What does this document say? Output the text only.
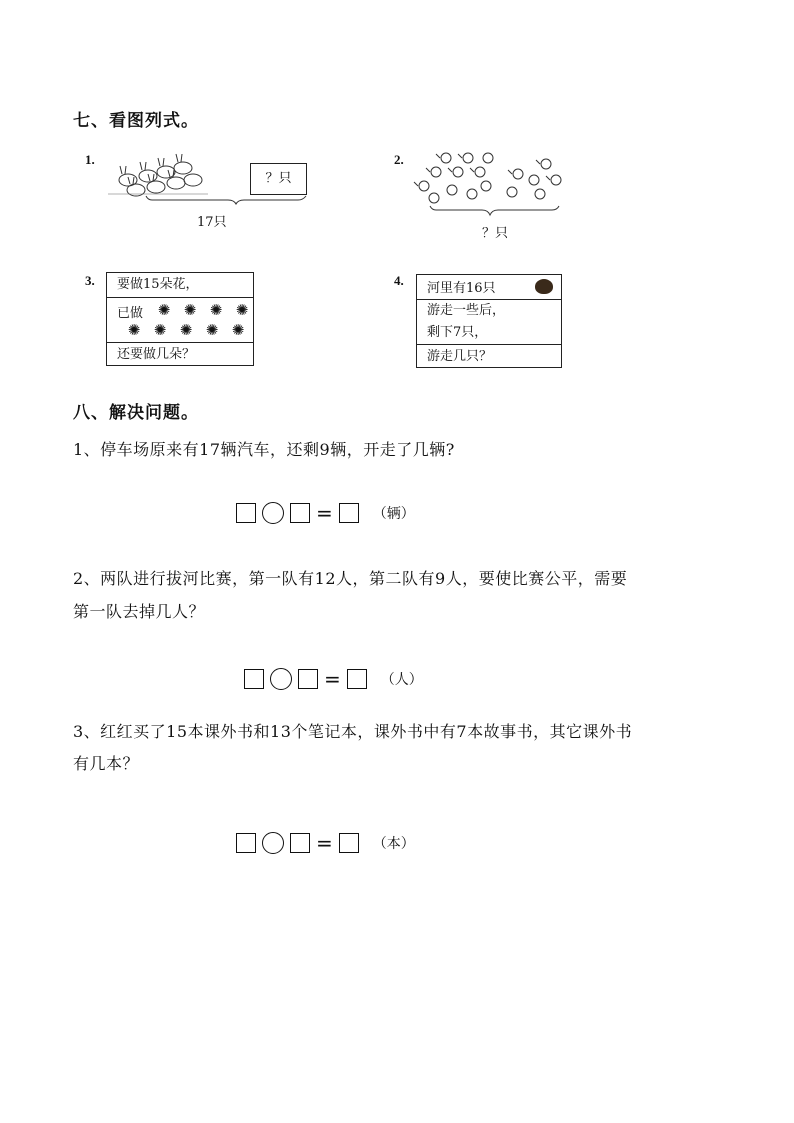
七、看图列式。
1.
？只
17只
2.
？只
3.	要做15朵花，
已做 ✺ ✺ ✺ ✺
✺ ✺ ✺ ✺ ✺
还要做几朵？
4.
河里有16只
游走一些后，
剩下7只，
游走几只？
八、解决问题。
1、停车场原来有17辆汽车，还剩9辆，开走了几辆?
=	（辆）
2、两队进行拔河比赛，第一队有12人，第二队有9人，要使比赛公平，需要
第一队去掉几人？
=	（人）
3、红红买了15本课外书和13个笔记本，课外书中有7本故事书，其它课外书
有几本？
=	（本）
